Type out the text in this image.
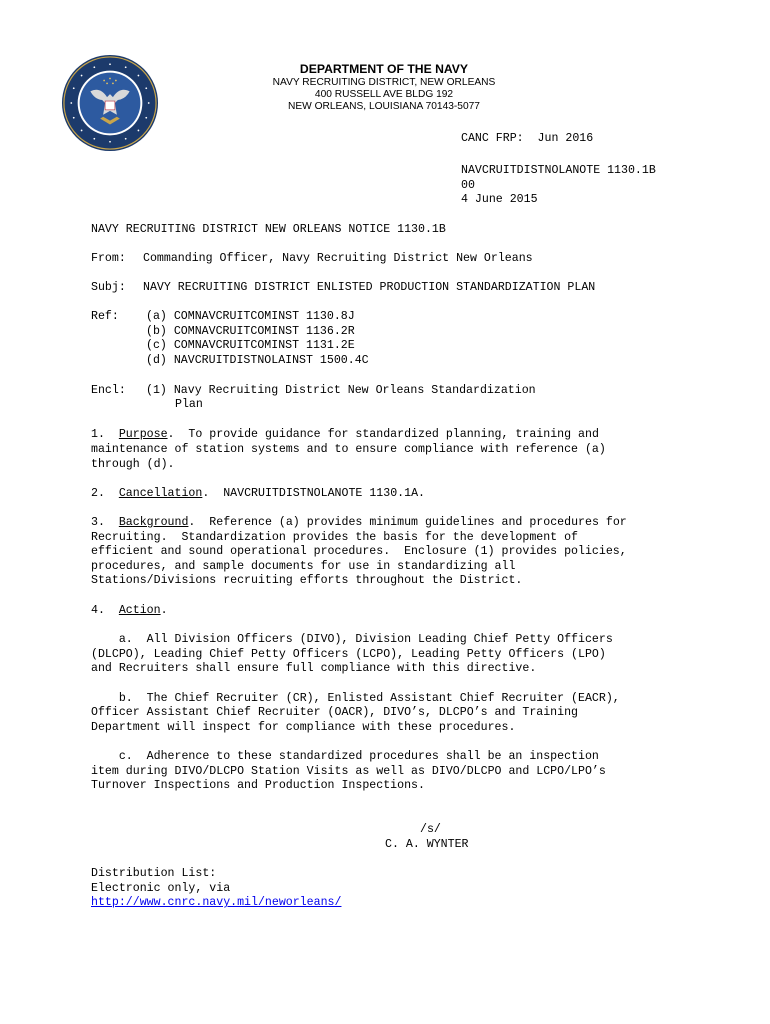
DEPARTMENT OF THE NAVY
NAVY RECRUITING DISTRICT, NEW ORLEANS
400 RUSSELL AVE BLDG 192
NEW ORLEANS, LOUISIANA 70143-5077
CANC FRP:  Jun 2016
NAVCRUITDISTNOLANOTE 1130.1B
00
4 June 2015
NAVY RECRUITING DISTRICT NEW ORLEANS NOTICE 1130.1B
From: Commanding Officer, Navy Recruiting District New Orleans
Subj: NAVY RECRUITING DISTRICT ENLISTED PRODUCTION STANDARDIZATION PLAN
Ref: (a) COMNAVCRUITCOMINST 1130.8J
(b) COMNAVCRUITCOMINST 1136.2R
(c) COMNAVCRUITCOMINST 1131.2E
(d) NAVCRUITDISTNOLAINST 1500.4C
Encl: (1) Navy Recruiting District New Orleans Standardization
Plan
1. Purpose.  To provide guidance for standardized planning, training and
maintenance of station systems and to ensure compliance with reference (a)
through (d).
2. Cancellation.  NAVCRUITDISTNOLANOTE 1130.1A.
3. Background.  Reference (a) provides minimum guidelines and procedures for
Recruiting.  Standardization provides the basis for the development of
efficient and sound operational procedures.  Enclosure (1) provides policies,
procedures, and sample documents for use in standardizing all
Stations/Divisions recruiting efforts throughout the District.
4. Action.
a.  All Division Officers (DIVO), Division Leading Chief Petty Officers
(DLCPO), Leading Chief Petty Officers (LCPO), Leading Petty Officers (LPO)
and Recruiters shall ensure full compliance with this directive.
b.  The Chief Recruiter (CR), Enlisted Assistant Chief Recruiter (EACR),
Officer Assistant Chief Recruiter (OACR), DIVO’s, DLCPO’s and Training
Department will inspect for compliance with these procedures.
c.  Adherence to these standardized procedures shall be an inspection
item during DIVO/DLCPO Station Visits as well as DIVO/DLCPO and LCPO/LPO’s
Turnover Inspections and Production Inspections.
/s/
C. A. WYNTER
Distribution List:
Electronic only, via
http://www.cnrc.navy.mil/neworleans/
